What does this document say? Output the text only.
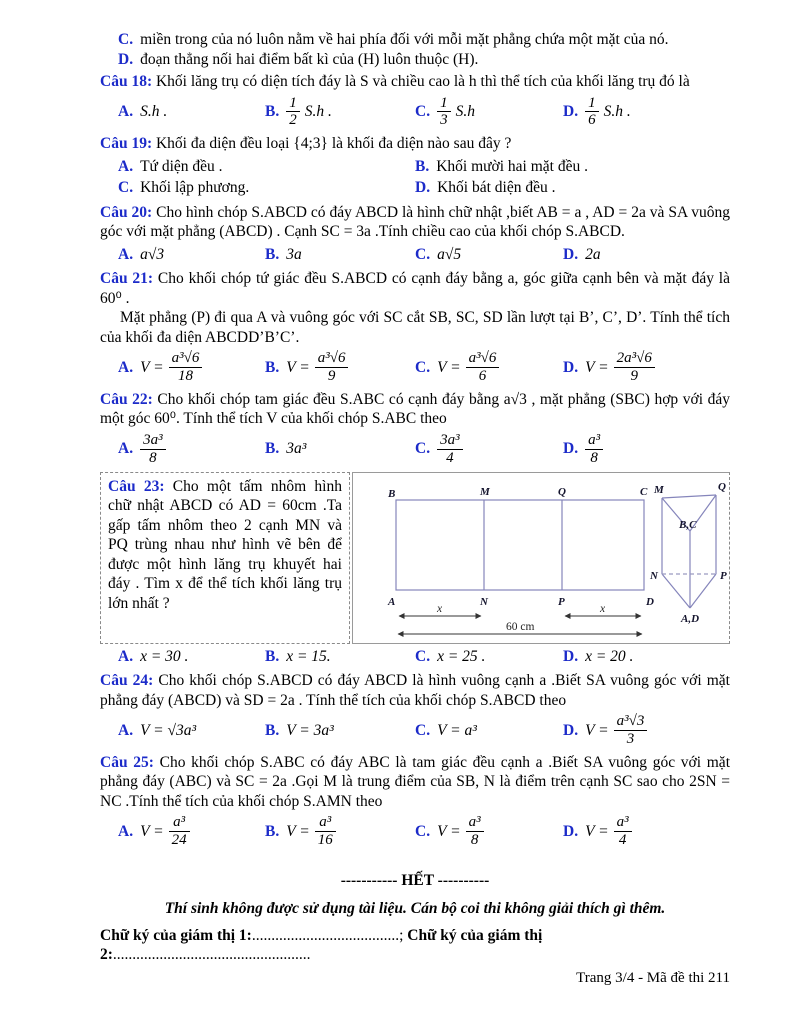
C. miền trong của nó luôn nằm về hai phía đối với mỗi mặt phẳng chứa một mặt của nó.
D. đoạn thẳng nối hai điểm bất kì của (H) luôn thuộc (H).
Câu 18: Khối lăng trụ có diện tích đáy là S và chiều cao là h thì thể tích của khối lăng trụ đó là
A. S.h .	B. $\frac{1}{2} S.h$ .	C. $\frac{1}{3} S.h$	D. $\frac{1}{6} S.h$ .
Câu 19: Khối đa diện đều loại {4;3} là khối đa diện nào sau đây ?
A. Tứ diện đều .	B. Khối mười hai mặt đều .
C. Khối lập phương.	D. Khối bát diện đều .
Câu 20: Cho hình chóp S.ABCD có đáy ABCD là hình chữ nhật ,biết AB = a , AD = 2a và SA vuông góc với mặt phẳng (ABCD) . Cạnh SC = 3a .Tính chiều cao của khối chóp S.ABCD.
A. a√3	B. 3a	C. a√5	D. 2a
Câu 21: Cho khối chóp tứ giác đều S.ABCD có cạnh đáy bằng a, góc giữa cạnh bên và mặt đáy là 60⁰ .
Mặt phẳng (P) đi qua A và vuông góc với SC cắt SB, SC, SD lần lượt tại B’, C’, D’. Tính thể tích của khối đa diện ABCDD’B’C’.
A. $V = \frac{\text{a³√6}}{18}$	B. $V = \frac{\text{a³√6}}{9}$	C. $V = \frac{\text{a³√6}}{6}$	D. $V = \frac{\text{2a³√6}}{9}$
Câu 22: Cho khối chóp tam giác đều S.ABC có cạnh đáy bằng a√3 , mặt phẳng (SBC) hợp với đáy một góc 60⁰. Tính thể tích V của khối chóp S.ABC theo
A. $\frac{\text{3a³}}{8}$	B. 3a³	C. $\frac{\text{3a³}}{4}$	D. $\frac{\text{a³}}{8}$
Câu 23: Cho một tấm nhôm hình chữ nhật ABCD có AD = 60cm .Ta gấp tấm nhôm theo 2 cạnh MN và PQ trùng nhau như hình vẽ bên để được một hình lăng trụ khuyết hai đáy . Tìm x để thể tích khối lăng trụ lớn nhất ?
B	M	Q	C
A	N	P	D
x	x
60 cm
M	Q
B,C
N	P
A,D
A. x = 30 .	B. x = 15.	C. x = 25 .	D. x = 20 .
Câu 24: Cho khối chóp S.ABCD có đáy ABCD là hình vuông cạnh a .Biết SA vuông góc với mặt phẳng đáy (ABCD) và SD = 2a . Tính thể tích của khối chóp S.ABCD theo
A. V = √3a³	B. V = 3a³	C. V = a³	D. $V = \frac{\text{a³√3}}{3}$
Câu 25: Cho khối chóp S.ABC có đáy ABC là tam giác đều cạnh a .Biết SA vuông góc với mặt phẳng đáy (ABC) và SC = 2a .Gọi M là trung điểm của SB, N là điểm trên cạnh SC sao cho 2SN = NC .Tính thể tích của khối chóp S.AMN theo
A. $V = \frac{\text{a³}}{24}$	B. $V = \frac{\text{a³}}{16}$	C. $V = \frac{\text{a³}}{8}$	D. $V = \frac{\text{a³}}{4}$
----------- HẾT ----------
Thí sinh không được sử dụng tài liệu. Cán bộ coi thi không giải thích gì thêm.
Chữ ký của giám thị 1:......................................; Chữ ký của giám thị 2:...................................................
Trang 3/4 - Mã đề thi 211
